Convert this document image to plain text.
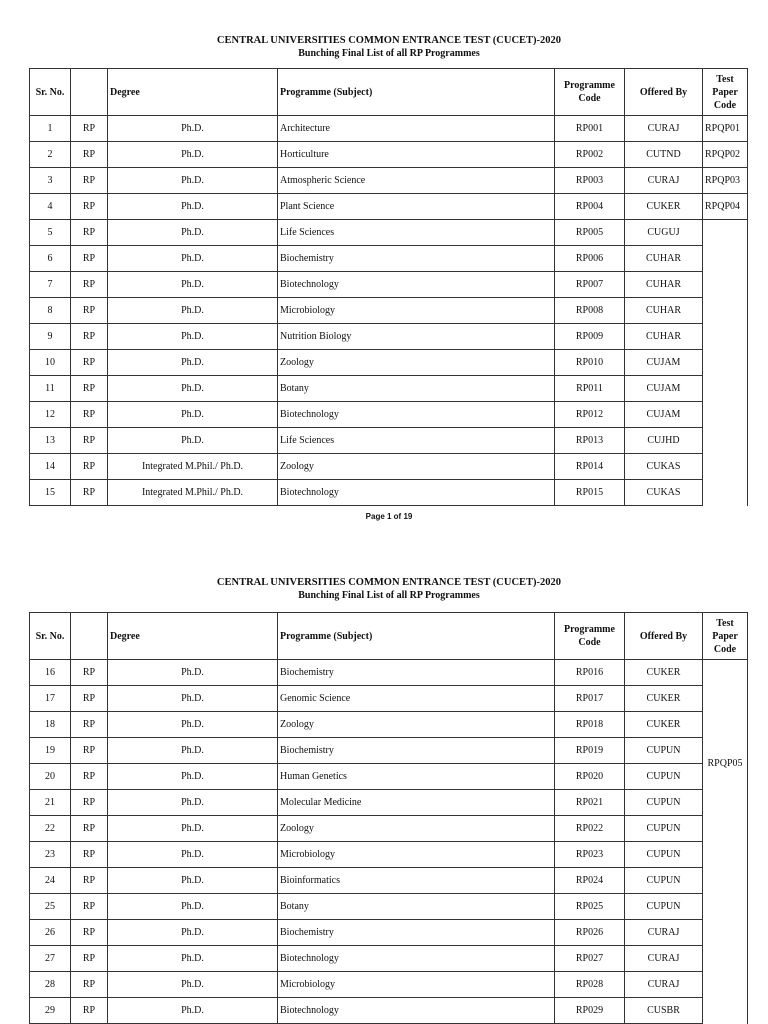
CENTRAL UNIVERSITIES COMMON ENTRANCE TEST (CUCET)-2020
Bunching Final List of all RP Programmes
Sr. No.		Degree	Programme (Subject)	Programme Code	Offered By	Test Paper Code
1	RP	Ph.D.	Architecture	RP001	CURAJ	RPQP01
2	RP	Ph.D.	Horticulture	RP002	CUTND	RPQP02
3	RP	Ph.D.	Atmospheric Science	RP003	CURAJ	RPQP03
4	RP	Ph.D.	Plant Science	RP004	CUKER	RPQP04
5	RP	Ph.D.	Life Sciences	RP005	CUGUJ	
6	RP	Ph.D.	Biochemistry	RP006	CUHAR	
7	RP	Ph.D.	Biotechnology	RP007	CUHAR	
8	RP	Ph.D.	Microbiology	RP008	CUHAR	
9	RP	Ph.D.	Nutrition Biology	RP009	CUHAR	
10	RP	Ph.D.	Zoology	RP010	CUJAM	
11	RP	Ph.D.	Botany	RP011	CUJAM	
12	RP	Ph.D.	Biotechnology	RP012	CUJAM	
13	RP	Ph.D.	Life Sciences	RP013	CUJHD	
14	RP	Integrated M.Phil./ Ph.D.	Zoology	RP014	CUKAS	
15	RP	Integrated M.Phil./ Ph.D.	Biotechnology	RP015	CUKAS	
Page 1 of 19
CENTRAL UNIVERSITIES COMMON ENTRANCE TEST (CUCET)-2020
Bunching Final List of all RP Programmes
Sr. No.		Degree	Programme (Subject)	Programme Code	Offered By	Test Paper Code
16	RP	Ph.D.	Biochemistry	RP016	CUKER	RPQP05
17	RP	Ph.D.	Genomic Science	RP017	CUKER	
18	RP	Ph.D.	Zoology	RP018	CUKER	
19	RP	Ph.D.	Biochemistry	RP019	CUPUN	
20	RP	Ph.D.	Human Genetics	RP020	CUPUN	
21	RP	Ph.D.	Molecular Medicine	RP021	CUPUN	
22	RP	Ph.D.	Zoology	RP022	CUPUN	
23	RP	Ph.D.	Microbiology	RP023	CUPUN	
24	RP	Ph.D.	Bioinformatics	RP024	CUPUN	
25	RP	Ph.D.	Botany	RP025	CUPUN	
26	RP	Ph.D.	Biochemistry	RP026	CURAJ	
27	RP	Ph.D.	Biotechnology	RP027	CURAJ	
28	RP	Ph.D.	Microbiology	RP028	CURAJ	
29	RP	Ph.D.	Biotechnology	RP029	CUSBR	
